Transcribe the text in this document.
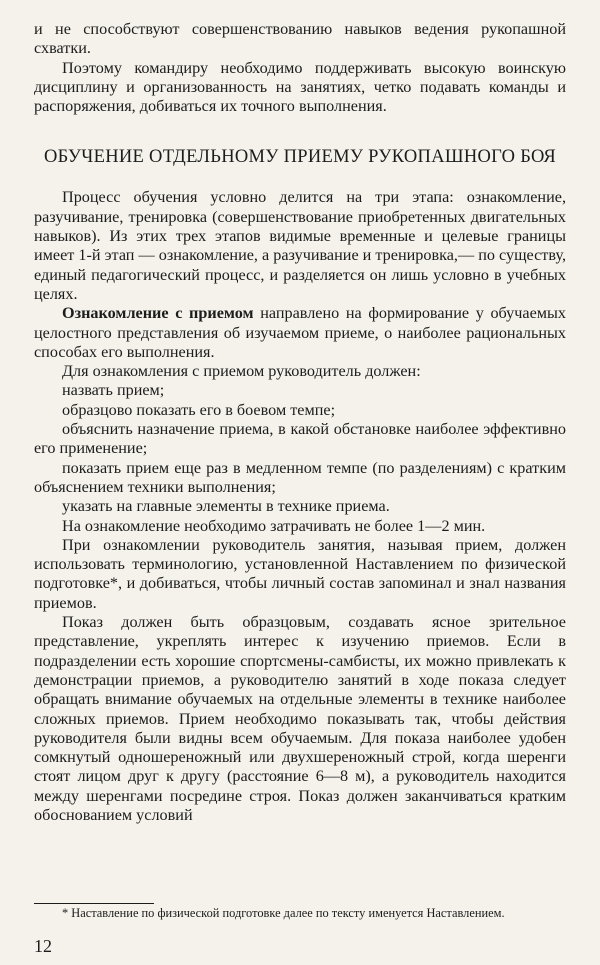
и не способствуют совершенствованию навыков ведения рукопашной схватки.

Поэтому командиру необходимо поддерживать высокую воинскую дисциплину и организованность на занятиях, четко подавать команды и распоряжения, добиваться их точного выполнения.

ОБУЧЕНИЕ ОТДЕЛЬНОМУ ПРИЕМУ РУКОПАШНОГО БОЯ

Процесс обучения условно делится на три этапа: ознакомление, разучивание, тренировка (совершенствование приобретенных двигательных навыков). Из этих трех этапов видимые временные и целевые границы имеет 1-й этап — ознакомление, а разучивание и тренировка,— по существу, единый педагогический процесс, и разделяется он лишь условно в учебных целях.

Ознакомление с приемом направлено на формирование у обучаемых целостного представления об изучаемом приеме, о наиболее рациональных способах его выполнения.

Для ознакомления с приемом руководитель должен:

назвать прием;

образцово показать его в боевом темпе;

объяснить назначение приема, в какой обстановке наиболее эффективно его применение;

показать прием еще раз в медленном темпе (по разделениям) с кратким объяснением техники выполнения;

указать на главные элементы в технике приема.

На ознакомление необходимо затрачивать не более 1—2 мин.

При ознакомлении руководитель занятия, называя прием, должен использовать терминологию, установленной Наставлением по физической подготовке*, и добиваться, чтобы личный состав запоминал и знал названия приемов.

Показ должен быть образцовым, создавать ясное зрительное представление, укреплять интерес к изучению приемов. Если в подразделении есть хорошие спортсмены-самбисты, их можно привлекать к демонстрации приемов, а руководителю занятий в ходе показа следует обращать внимание обучаемых на отдельные элементы в технике наиболее сложных приемов. Прием необходимо показывать так, чтобы действия руководителя были видны всем обучаемым. Для показа наиболее удобен сомкнутый одношереножный или двухшереножный строй, когда шеренги стоят лицом друг к другу (расстояние 6—8 м), а руководитель находится между шеренгами посредине строя. Показ должен заканчиваться кратким обоснованием условий

* Наставление по физической подготовке далее по тексту именуется Наставлением.
12
